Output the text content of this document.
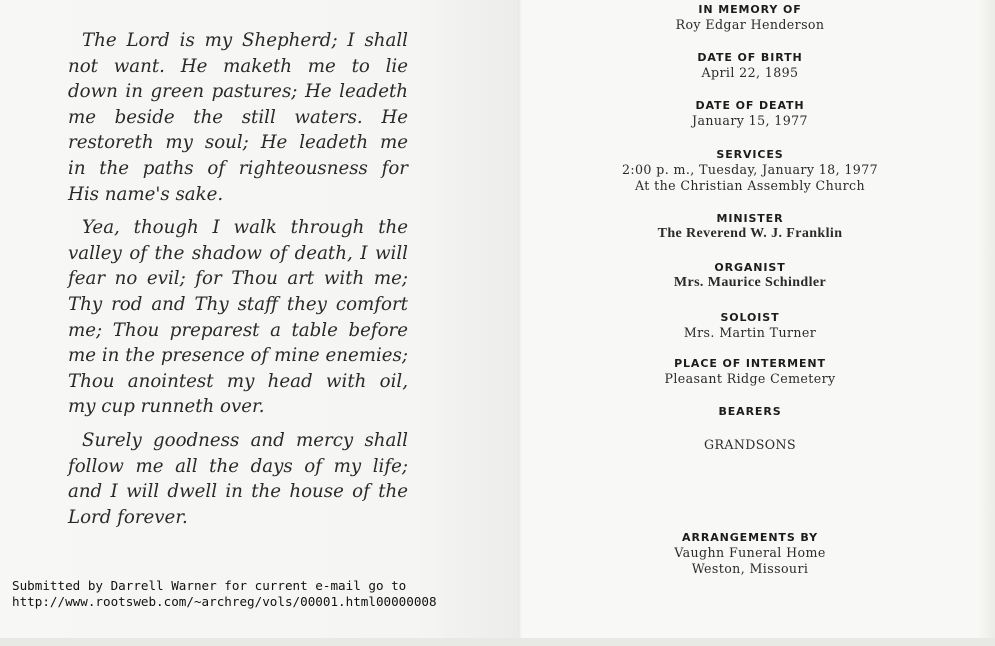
The Lord is my Shepherd; I shall
not want. He maketh me to lie
down in green pastures; He leadeth
me beside the still waters. He
restoreth my soul; He leadeth me
in the paths of righteousness for
His name's sake.

Yea, though I walk through the
valley of the shadow of death, I will
fear no evil; for Thou art with me;
Thy rod and Thy staff they comfort
me; Thou preparest a table before
me in the presence of mine enemies;
Thou anointest my head with oil,
my cup runneth over.

Surely goodness and mercy shall
follow me all the days of my life;
and I will dwell in the house of the
Lord forever.

Submitted by Darrell Warner for current e-mail go to
http://www.rootsweb.com/~archreg/vols/00001.html00000008
IN MEMORY OF
Roy Edgar Henderson
DATE OF BIRTH
April 22, 1895
DATE OF DEATH
January 15, 1977
SERVICES
2:00 p. m., Tuesday, January 18, 1977
At the Christian Assembly Church
MINISTER
The Reverend W. J. Franklin
ORGANIST
Mrs. Maurice Schindler
SOLOIST
Mrs. Martin Turner
PLACE OF INTERMENT
Pleasant Ridge Cemetery
BEARERS
GRANDSONS
ARRANGEMENTS BY
Vaughn Funeral Home
Weston, Missouri
